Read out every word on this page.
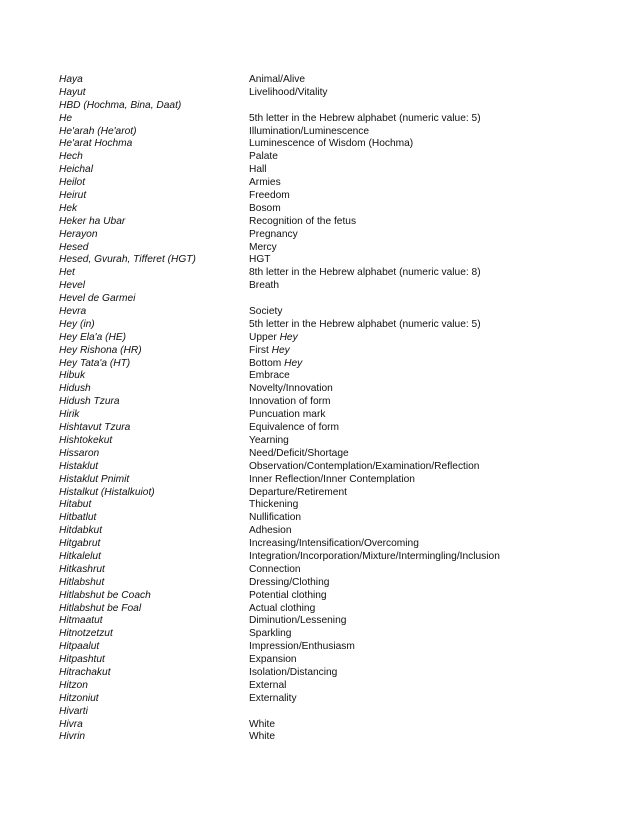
Haya	Animal/Alive
Hayut	Livelihood/Vitality
HBD (Hochma, Bina, Daat)
He	5th letter in the Hebrew alphabet (numeric value: 5)
He'arah (He'arot)	Illumination/Luminescence
He'arat Hochma	Luminescence of Wisdom (Hochma)
Hech	Palate
Heichal	Hall
Heilot	Armies
Heirut	Freedom
Hek	Bosom
Heker ha Ubar	Recognition of the fetus
Herayon	Pregnancy
Hesed	Mercy
Hesed, Gvurah, Tifferet (HGT)	HGT
Het	8th letter in the Hebrew alphabet (numeric value: 8)
Hevel	Breath
Hevel de Garmei
Hevra	Society
Hey (in)	5th letter in the Hebrew alphabet (numeric value: 5)
Hey Ela'a (HE)	Upper Hey
Hey Rishona (HR)	First Hey
Hey Tata'a (HT)	Bottom Hey
Hibuk	Embrace
Hidush	Novelty/Innovation
Hidush Tzura	Innovation of form
Hirik	Puncuation mark
Hishtavut Tzura	Equivalence of form
Hishtokekut	Yearning
Hissaron	Need/Deficit/Shortage
Histaklut	Observation/Contemplation/Examination/Reflection
Histaklut Pnimit	Inner Reflection/Inner Contemplation
Histalkut (Histalkuiot)	Departure/Retirement
Hitabut	Thickening
Hitbatlut	Nullification
Hitdabkut	Adhesion
Hitgabrut	Increasing/Intensification/Overcoming
Hitkalelut	Integration/Incorporation/Mixture/Intermingling/Inclusion
Hitkashrut	Connection
Hitlabshut	Dressing/Clothing
Hitlabshut be Coach	Potential clothing
Hitlabshut be Foal	Actual clothing
Hitmaatut	Diminution/Lessening
Hitnotzetzut	Sparkling
Hitpaalut	Impression/Enthusiasm
Hitpashtut	Expansion
Hitrachakut	Isolation/Distancing
Hitzon	External
Hitzoniut	Externality
Hivarti
Hivra	White
Hivrin	White
